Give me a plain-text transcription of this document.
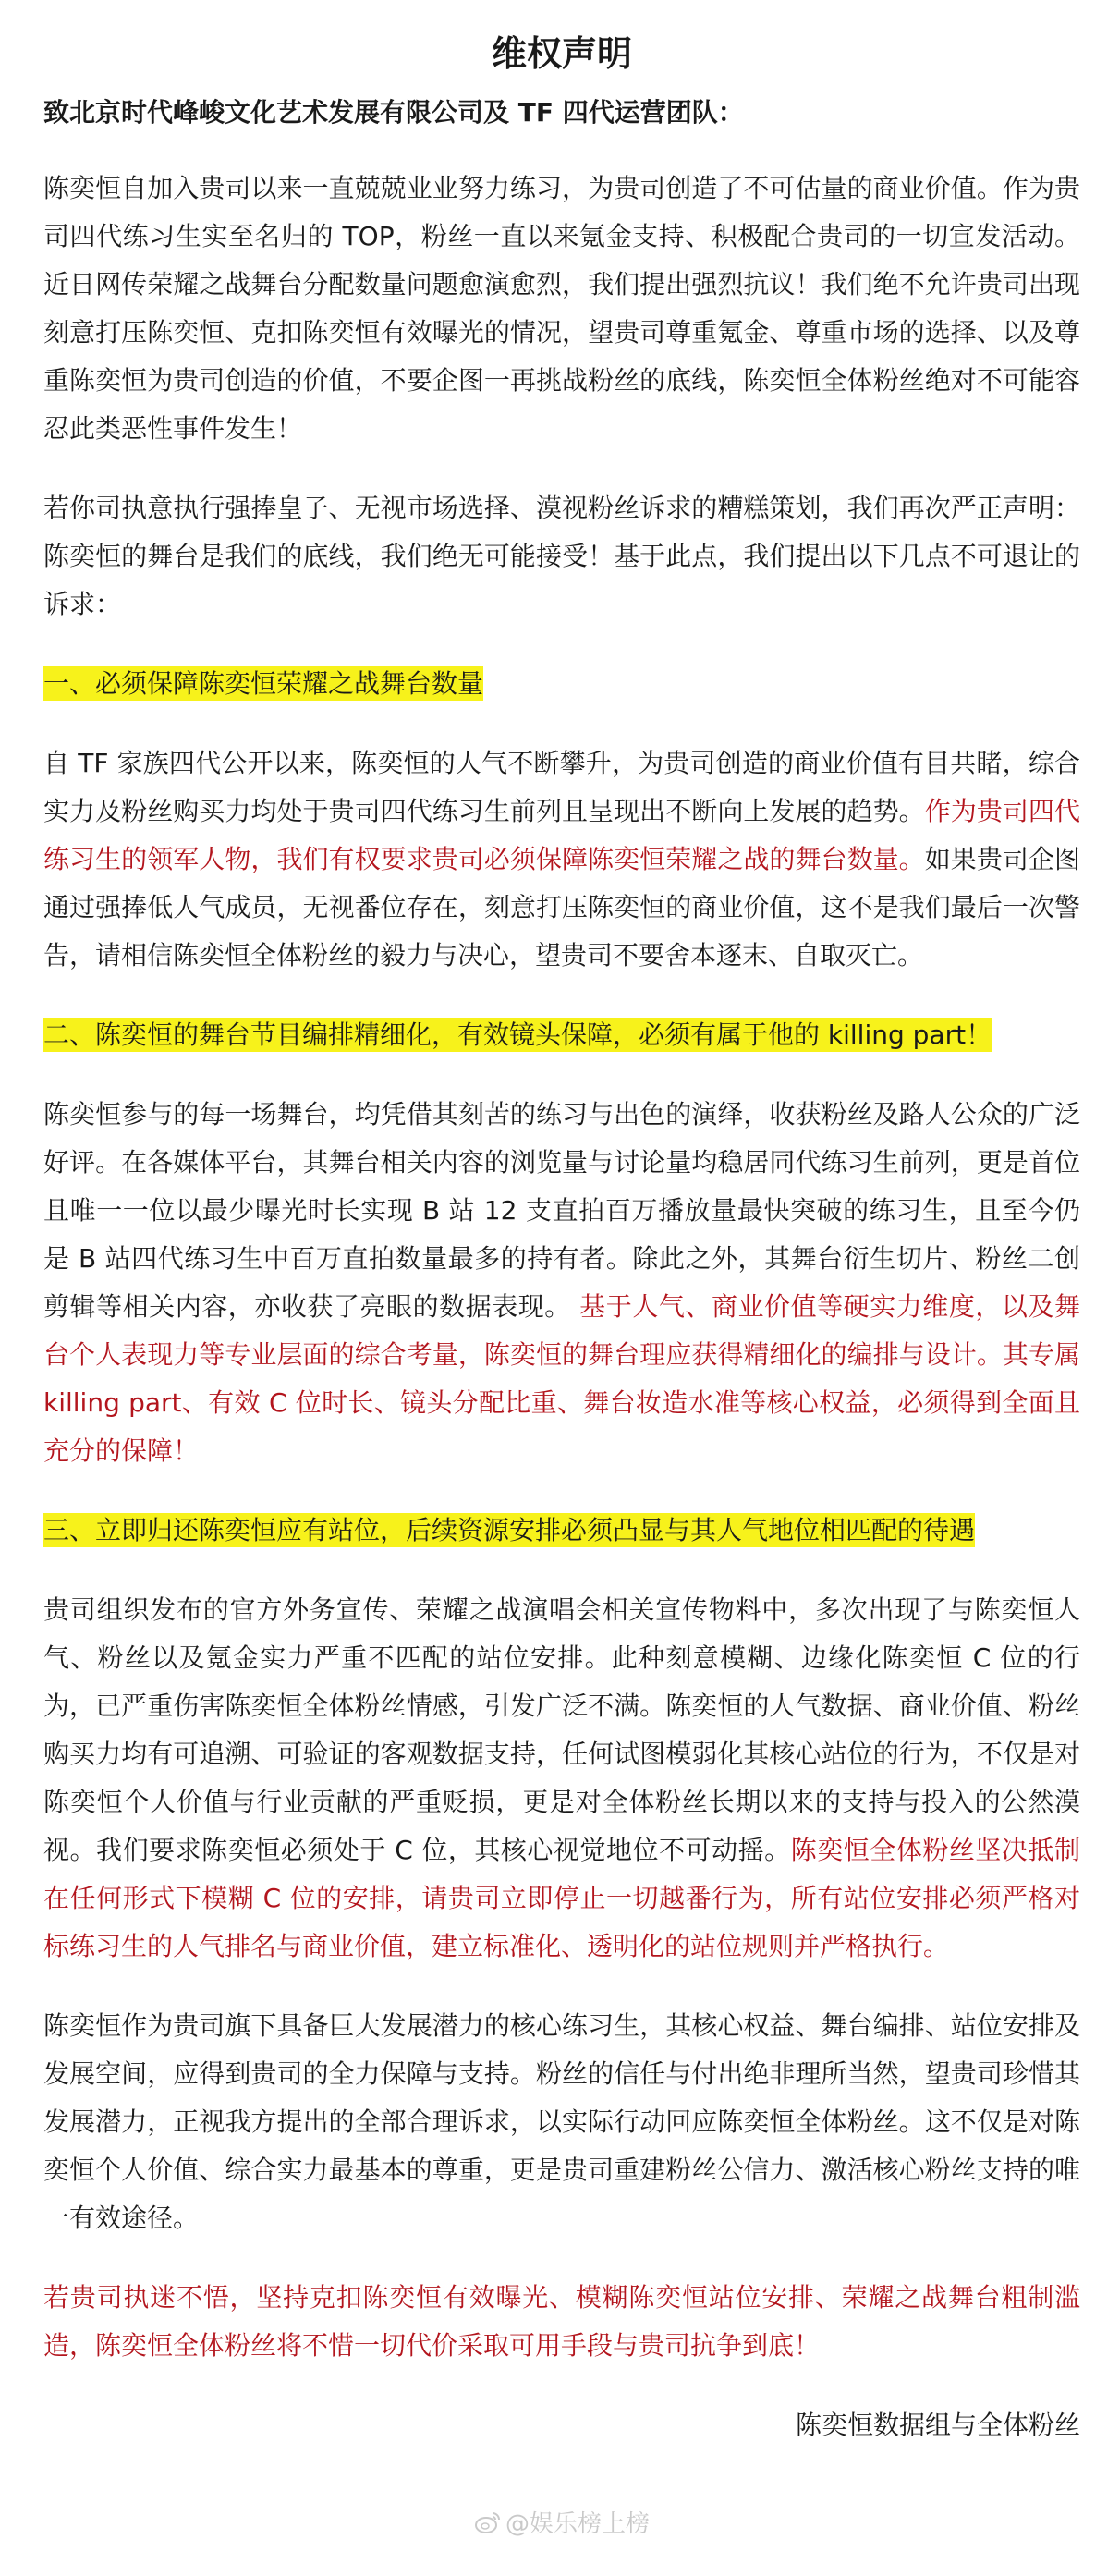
维权声明
致北京时代峰峻文化艺术发展有限公司及 TF 四代运营团队：
陈奕恒自加入贵司以来一直兢兢业业努力练习，为贵司创造了不可估量的商业价值。作为贵司四代练习生实至名归的 TOP，粉丝一直以来氪金支持、积极配合贵司的一切宣发活动。近日网传荣耀之战舞台分配数量问题愈演愈烈，我们提出强烈抗议！我们绝不允许贵司出现刻意打压陈奕恒、克扣陈奕恒有效曝光的情况，望贵司尊重氪金、尊重市场的选择、以及尊重陈奕恒为贵司创造的价值，不要企图一再挑战粉丝的底线，陈奕恒全体粉丝绝对不可能容忍此类恶性事件发生！
若你司执意执行强捧皇子、无视市场选择、漠视粉丝诉求的糟糕策划，我们再次严正声明：陈奕恒的舞台是我们的底线，我们绝无可能接受！基于此点，我们提出以下几点不可退让的诉求：
一、必须保障陈奕恒荣耀之战舞台数量
自 TF 家族四代公开以来，陈奕恒的人气不断攀升，为贵司创造的商业价值有目共睹，综合实力及粉丝购买力均处于贵司四代练习生前列且呈现出不断向上发展的趋势。作为贵司四代练习生的领军人物，我们有权要求贵司必须保障陈奕恒荣耀之战的舞台数量。如果贵司企图通过强捧低人气成员，无视番位存在，刻意打压陈奕恒的商业价值，这不是我们最后一次警告，请相信陈奕恒全体粉丝的毅力与决心，望贵司不要舍本逐末、自取灭亡。
二、陈奕恒的舞台节目编排精细化，有效镜头保障，必须有属于他的 killing part！
陈奕恒参与的每一场舞台，均凭借其刻苦的练习与出色的演绎，收获粉丝及路人公众的广泛好评。在各媒体平台，其舞台相关内容的浏览量与讨论量均稳居同代练习生前列，更是首位且唯一一位以最少曝光时长实现 B 站 12 支直拍百万播放量最快突破的练习生，且至今仍是 B 站四代练习生中百万直拍数量最多的持有者。除此之外，其舞台衍生切片、粉丝二创剪辑等相关内容，亦收获了亮眼的数据表现。 基于人气、商业价值等硬实力维度，以及舞台个人表现力等专业层面的综合考量，陈奕恒的舞台理应获得精细化的编排与设计。其专属 killing part、有效 C 位时长、镜头分配比重、舞台妆造水准等核心权益，必须得到全面且充分的保障！
三、立即归还陈奕恒应有站位，后续资源安排必须凸显与其人气地位相匹配的待遇
贵司组织发布的官方外务宣传、荣耀之战演唱会相关宣传物料中，多次出现了与陈奕恒人气、粉丝以及氪金实力严重不匹配的站位安排。此种刻意模糊、边缘化陈奕恒 C 位的行为，已严重伤害陈奕恒全体粉丝情感，引发广泛不满。陈奕恒的人气数据、商业价值、粉丝购买力均有可追溯、可验证的客观数据支持，任何试图模弱化其核心站位的行为，不仅是对陈奕恒个人价值与行业贡献的严重贬损，更是对全体粉丝长期以来的支持与投入的公然漠视。我们要求陈奕恒必须处于 C 位，其核心视觉地位不可动摇。陈奕恒全体粉丝坚决抵制在任何形式下模糊 C 位的安排，请贵司立即停止一切越番行为，所有站位安排必须严格对标练习生的人气排名与商业价值，建立标准化、透明化的站位规则并严格执行。
陈奕恒作为贵司旗下具备巨大发展潜力的核心练习生，其核心权益、舞台编排、站位安排及发展空间，应得到贵司的全力保障与支持。粉丝的信任与付出绝非理所当然，望贵司珍惜其发展潜力，正视我方提出的全部合理诉求，以实际行动回应陈奕恒全体粉丝。这不仅是对陈奕恒个人价值、综合实力最基本的尊重，更是贵司重建粉丝公信力、激活核心粉丝支持的唯一有效途径。
若贵司执迷不悟，坚持克扣陈奕恒有效曝光、模糊陈奕恒站位安排、荣耀之战舞台粗制滥造，陈奕恒全体粉丝将不惜一切代价采取可用手段与贵司抗争到底！
陈奕恒数据组与全体粉丝
@娱乐榜上榜
